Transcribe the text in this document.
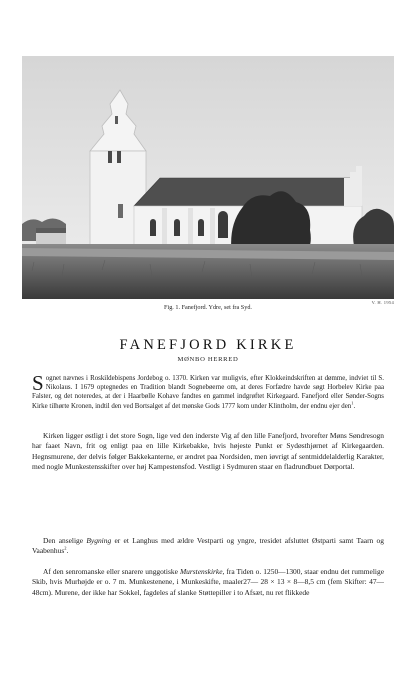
Fig. 1. Fanefjord. Ydre, set fra Syd.
V. H. 1954
FANEFJORD KIRKE
MØNBO HERRED
Sognet nævnes i Roskildebispens Jordebog o. 1370. Kirken var muligvis, efter Klokkeindskriften at dømme, indviet til S. Nikolaus. I 1679 optegnedes en Tradition blandt Sognebøerne om, at deres Forfædre havde søgt Horbelev Kirke paa Falster, og det noteredes, at der i Haarbølle Kohave fandtes en gammel indgrøftet Kirkegaard. Fanefjord eller Sønder-Sogns Kirke tilhørte Kronen, indtil den ved Bortsalget af det mønske Gods 1777 kom under Klintholm, der endnu ejer den$^1$.

Kirken ligger østligt i det store Sogn, lige ved den inderste Vig af den lille Fanefjord, hvorefter Møns Søndresogn har faaet Navn, frit og enligt paa en lille Kirkebakke, hvis højeste Punkt er Sydøsthjørnet af Kirkegaarden. Hegnsmurene, der delvis følger Bakkekanterne, er ændret paa Nordsiden, men iøvrigt af sentmiddelalderlig Karakter, med nogle Munkestensskifter over høj Kampestensfod. Vestligt i Sydmuren staar en fladrundbuet Dørportal.

Den anselige Bygning er et Langhus med ældre Vestparti og yngre, tresidet afsluttet Østparti samt Taarn og Vaabenhus$^2$.

Af den senromanske eller snarere unggotiske Murstenskirke, fra Tiden o. 1250—1300, staar endnu det rummelige Skib, hvis Murhøjde er o. 7 m. Munkestenene, i Munkeskifte, maaler27— 28 × 13 × 8—8,5 cm (fem Skifter: 47—48cm). Murene, der ikke har Sokkel, fagdeles af slanke Støttepiller i to Afsæt, nu ret flikkede
